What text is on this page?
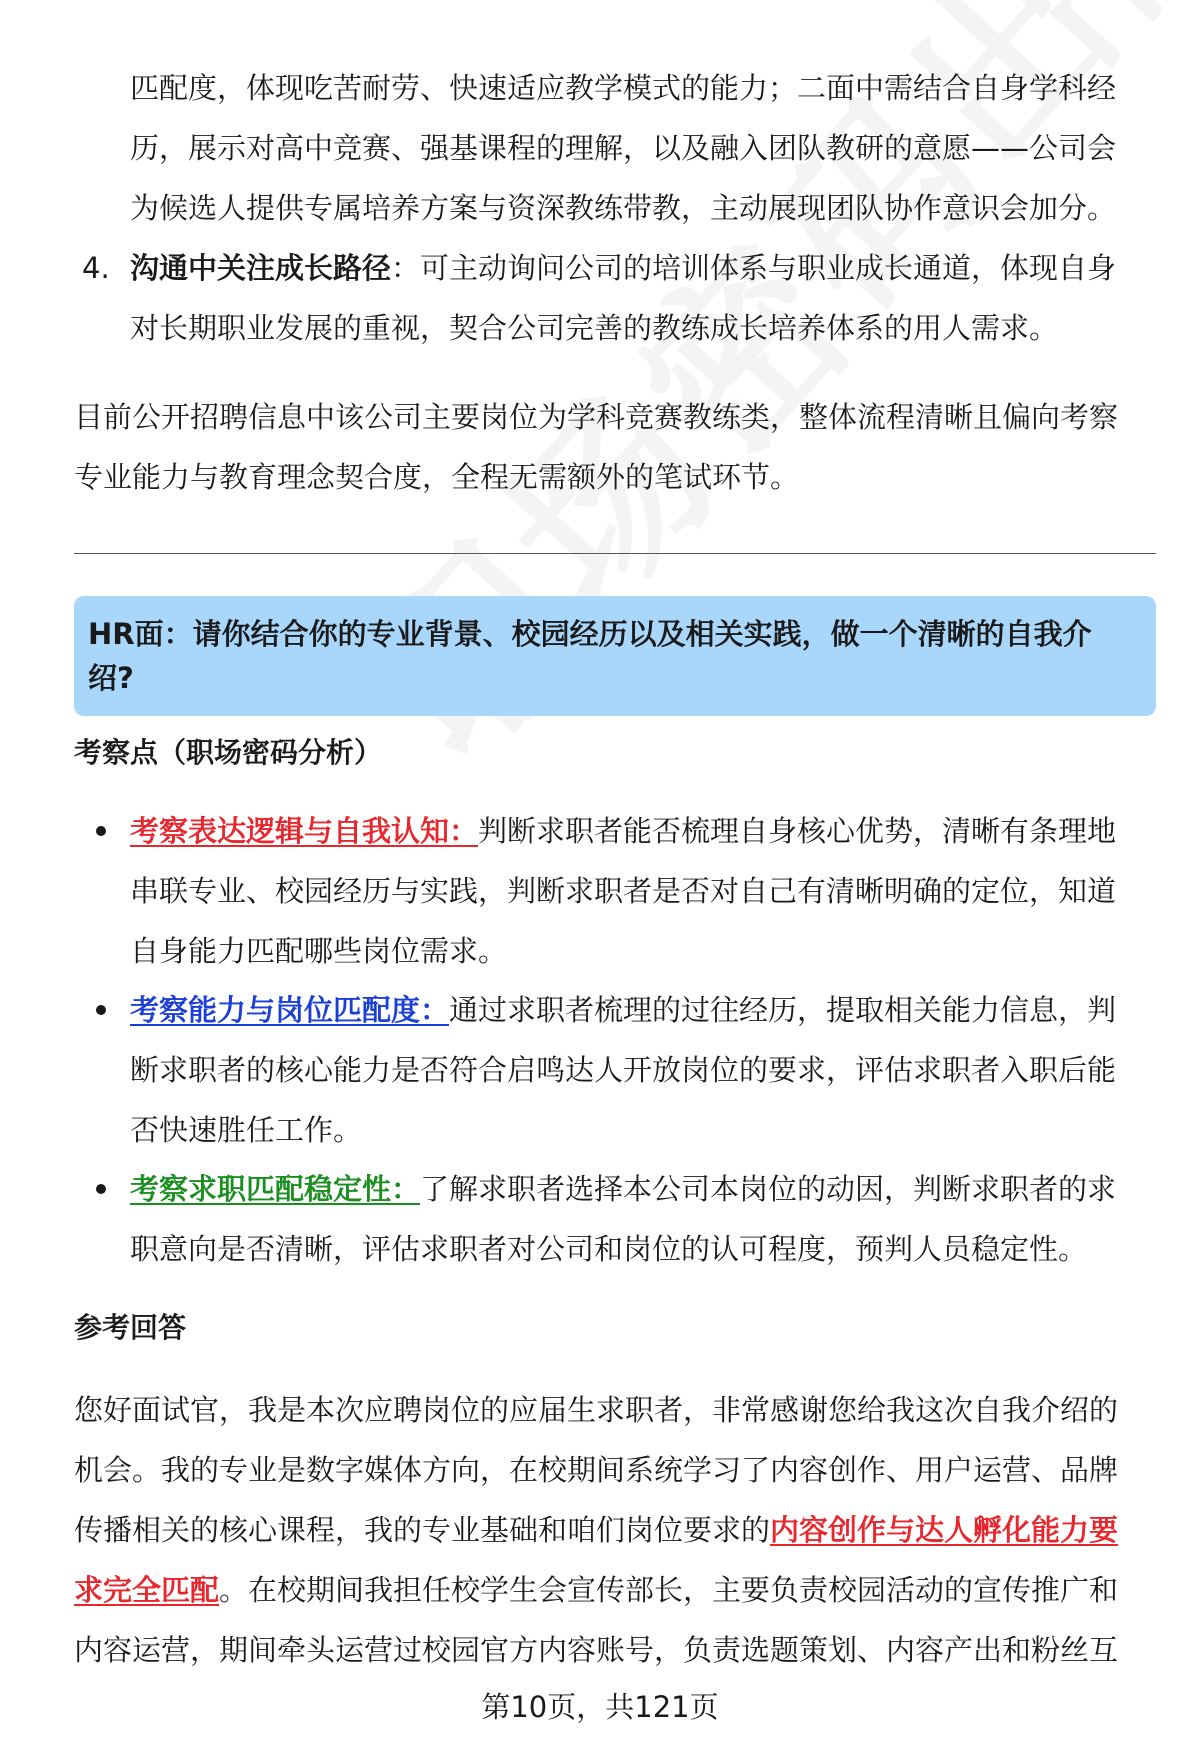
匹配度，体现吃苦耐劳、快速适应教学模式的能力；二面中需结合自身学科经
历，展示对高中竞赛、强基课程的理解，以及融入团队教研的意愿——公司会
为候选人提供专属培养方案与资深教练带教，主动展现团队协作意识会加分。
4. 沟通中关注成长路径：可主动询问公司的培训体系与职业成长通道，体现自身
对长期职业发展的重视，契合公司完善的教练成长培养体系的用人需求。
目前公开招聘信息中该公司主要岗位为学科竞赛教练类，整体流程清晰且偏向考察
专业能力与教育理念契合度，全程无需额外的笔试环节。
HR面：请你结合你的专业背景、校园经历以及相关实践，做一个清晰的自我介
绍?
考察点（职场密码分析）
考察表达逻辑与自我认知：判断求职者能否梳理自身核心优势，清晰有条理地
串联专业、校园经历与实践，判断求职者是否对自己有清晰明确的定位，知道
自身能力匹配哪些岗位需求。
考察能力与岗位匹配度：通过求职者梳理的过往经历，提取相关能力信息，判
断求职者的核心能力是否符合启鸣达人开放岗位的要求，评估求职者入职后能
否快速胜任工作。
考察求职匹配稳定性：了解求职者选择本公司本岗位的动因，判断求职者的求
职意向是否清晰，评估求职者对公司和岗位的认可程度，预判人员稳定性。
参考回答
您好面试官，我是本次应聘岗位的应届生求职者，非常感谢您给我这次自我介绍的
机会。我的专业是数字媒体方向，在校期间系统学习了内容创作、用户运营、品牌
传播相关的核心课程，我的专业基础和咱们岗位要求的内容创作与达人孵化能力要
求完全匹配。在校期间我担任校学生会宣传部长，主要负责校园活动的宣传推广和
内容运营，期间牵头运营过校园官方内容账号，负责选题策划、内容产出和粉丝互
第10页，共121页
